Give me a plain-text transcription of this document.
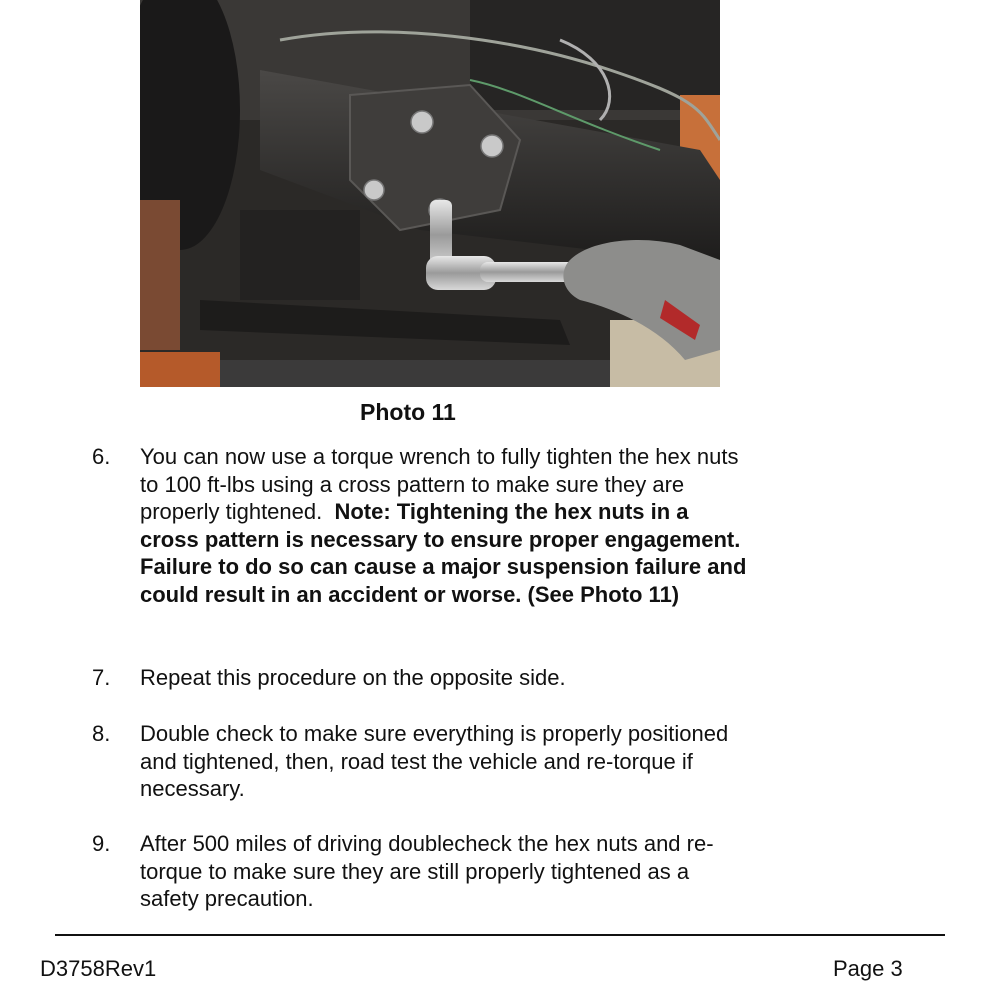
Photo 11
6. You can now use a torque wrench to fully tighten the hex nuts to 100 ft-lbs using a cross pattern to make sure they are properly tightened. Note: Tightening the hex nuts in a cross pattern is necessary to ensure proper engagement. Failure to do so can cause a major suspension failure and could result in an accident or worse. (See Photo 11)
7. Repeat this procedure on the opposite side.
8. Double check to make sure everything is properly positioned and tightened, then, road test the vehicle and re-torque if necessary.
9. After 500 miles of driving doublecheck the hex nuts and re-torque to make sure they are still properly tightened as a safety precaution.
D3758Rev1	Page 3
